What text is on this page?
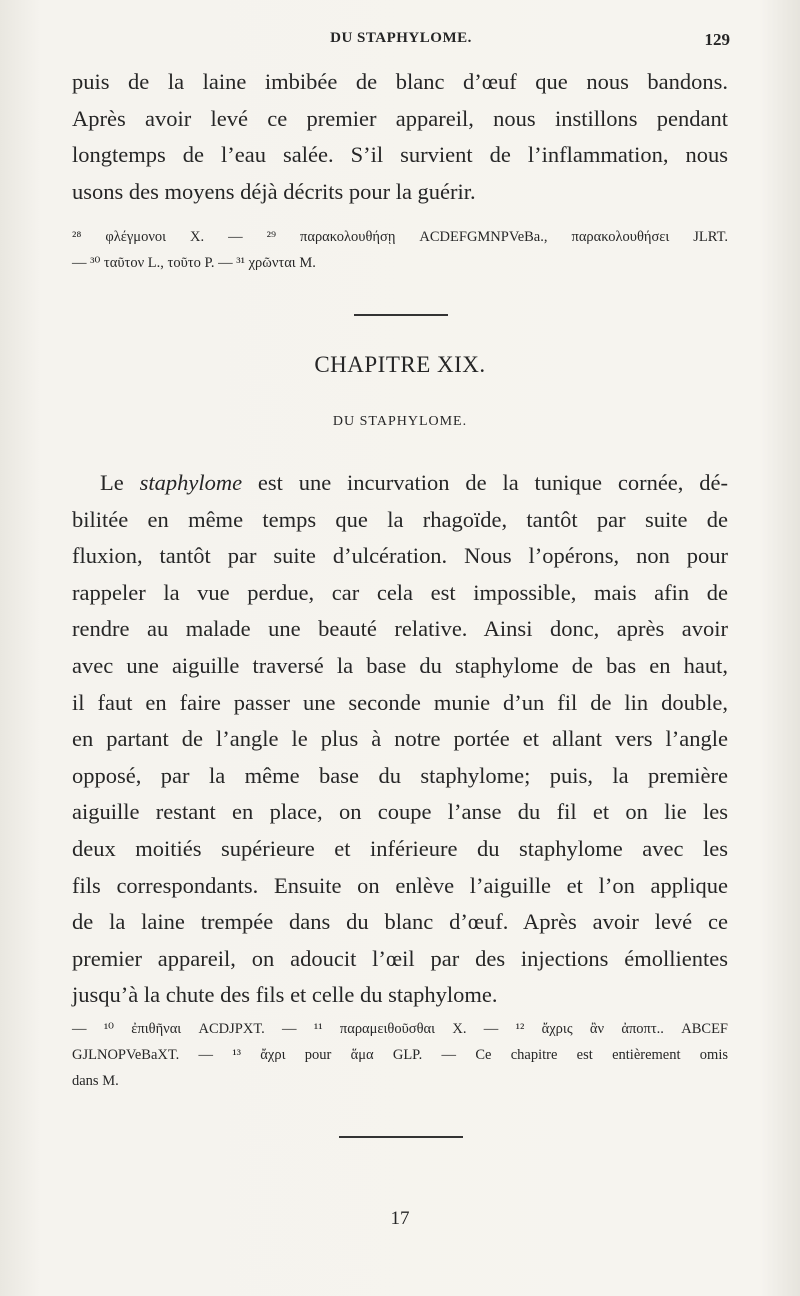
DU STAPHYLOME.	129

puis de la laine imbibée de blanc d’œuf que nous bandons.
Après avoir levé ce premier appareil, nous instillons pendant
longtemps de l’eau salée. S’il survient de l’inflammation, nous
usons des moyens déjà décrits pour la guérir.

²⁸ φλέγμονοι X. — ²⁹ παρακολουθήσῃ ACDEFGMNPVeBa., παρακολουθήσει JLRT.
— ³⁰ ταῦτον L., τοῦτο P. — ³¹ χρῶνται M.
CHAPITRE XIX.
DU STAPHYLOME.

Le staphylome est une incurvation de la tunique cornée, dé-
bilitée en même temps que la rhagoïde, tantôt par suite de
fluxion, tantôt par suite d’ulcération. Nous l’opérons, non pour
rappeler la vue perdue, car cela est impossible, mais afin de
rendre au malade une beauté relative. Ainsi donc, après avoir
avec une aiguille traversé la base du staphylome de bas en haut,
il faut en faire passer une seconde munie d’un fil de lin double,
en partant de l’angle le plus à notre portée et allant vers l’angle
opposé, par la même base du staphylome; puis, la première
aiguille restant en place, on coupe l’anse du fil et on lie les
deux moitiés supérieure et inférieure du staphylome avec les
fils correspondants. Ensuite on enlève l’aiguille et l’on applique
de la laine trempée dans du blanc d’œuf. Après avoir levé ce
premier appareil, on adoucit l’œil par des injections émollientes
jusqu’à la chute des fils et celle du staphylome.

— ¹⁰ ἐπιθῆναι ACDJPXT. — ¹¹ παραμειθοῦσθαι X. — ¹² ἄχρις ἂν ἀποπτ.. ABCEF
GJLNOPVeBaXT. — ¹³ ἄχρι pour ἅμα GLP. — Ce chapitre est entièrement omis
dans M.
17
